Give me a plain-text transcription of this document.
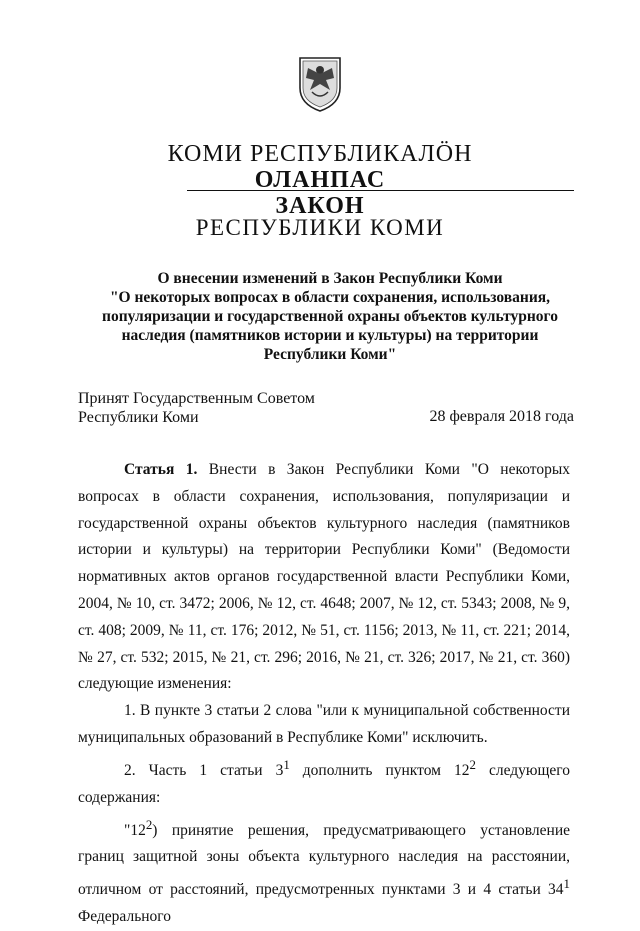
КОМИ РЕСПУБЛИКАЛӦН
ОЛАНПАС
ЗАКОН
РЕСПУБЛИКИ КОМИ
О внесении изменений в Закон Республики Коми
"О некоторых вопросах в области сохранения, использования,
популяризации и государственной охраны объектов культурного
наследия (памятников истории и культуры) на территории
Республики Коми"
Принят Государственным Советом
Республики Коми	28 февраля 2018 года

Статья 1. Внести в Закон Республики Коми "О некоторых вопросах в области сохранения, использования, популяризации и государственной охраны объектов культурного наследия (памятников истории и культуры) на территории Республики Коми" (Ведомости нормативных актов органов государственной власти Республики Коми, 2004, № 10, ст. 3472; 2006, № 12, ст. 4648; 2007, № 12, ст. 5343; 2008, № 9, ст. 408; 2009, № 11, ст. 176; 2012, № 51, ст. 1156; 2013, № 11, ст. 221; 2014, № 27, ст. 532; 2015, № 21, ст. 296; 2016, № 21, ст. 326; 2017, № 21, ст. 360) следующие изменения:

1. В пункте 3 статьи 2 слова "или к муниципальной собственности муниципальных образований в Республике Коми" исключить.

2. Часть 1 статьи $3^1$ дополнить пунктом $12^2$ следующего содержания:

"$12^2$) принятие решения, предусматривающего установление границ защитной зоны объекта культурного наследия на расстоянии, отличном от расстояний, предусмотренных пунктами 3 и 4 статьи $34^1$ Федерального
